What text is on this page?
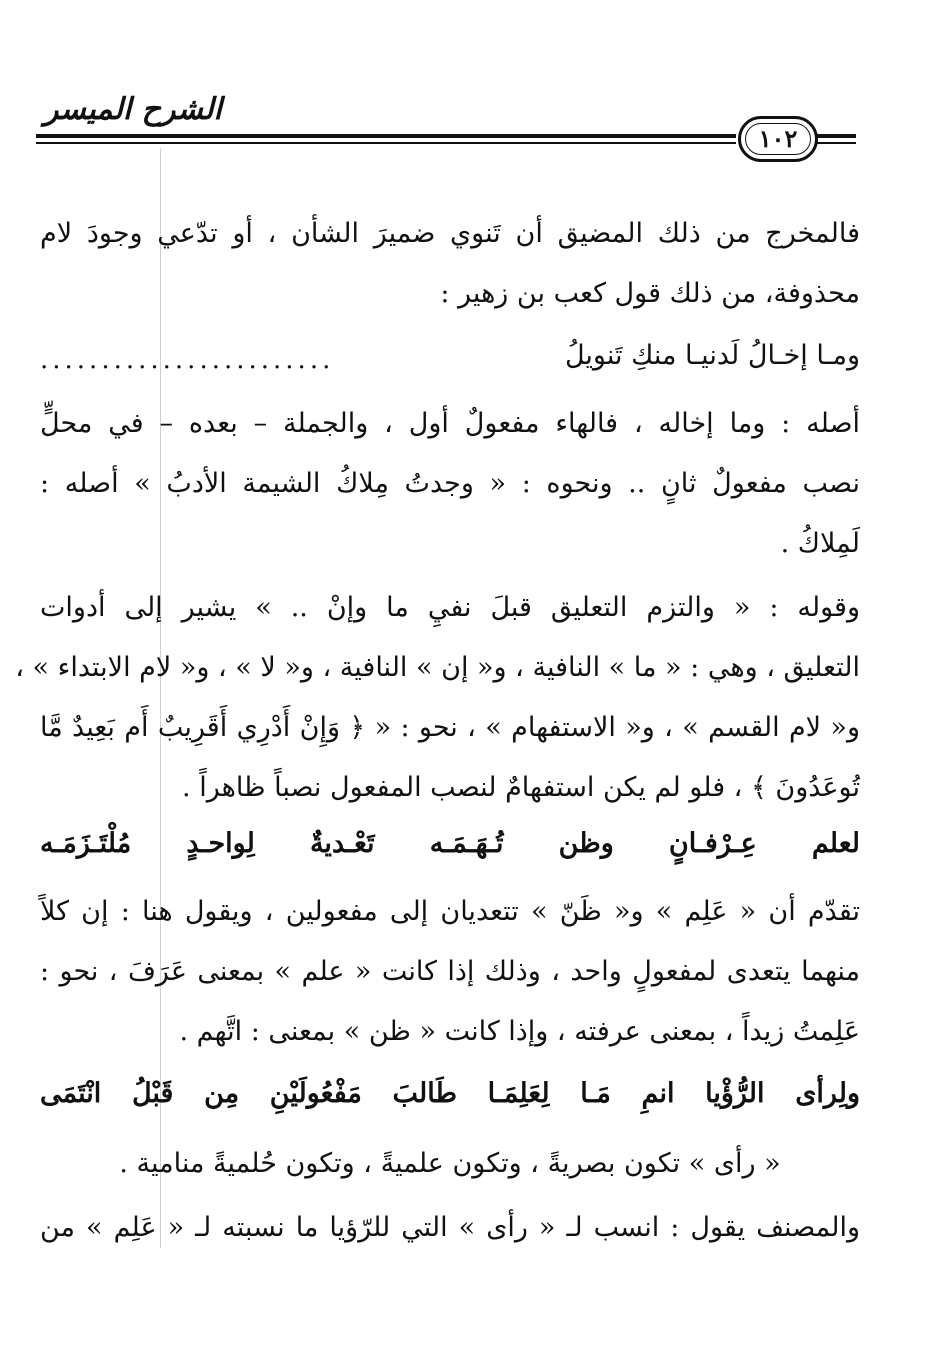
الشرح الميسر
١٠٢
فالمخرج من ذلك المضيق أن تَنوي ضميرَ الشأن ، أو تدّعي وجودَ لام
محذوفة، من ذلك قول كعب بن زهير :
ومـا إخـالُ لَدنيـا منكِ تَنويلُ
........................
أصله : وما إخاله ، فالهاء مفعولٌ أول ، والجملة – بعده – في محلٍّ
نصب مفعولٌ ثانٍ .. ونحوه : « وجدتُ مِلاكُ الشيمة الأدبُ » أصله :
لَمِلاكُ .
وقوله : « والتزم التعليق قبلَ نفيِ ما وإنْ .. » يشير إلى أدوات
التعليق ، وهي : « ما » النافية ، و« إن » النافية ، و« لا » ، و« لام الابتداء » ،
و« لام القسم » ، و« الاستفهام » ، نحو : « ﴿ وَإِنْ أَدْرِي أَقَرِيبٌ أَم بَعِيدٌ مَّا
تُوعَدُونَ ﴾ ، فلو لم يكن استفهامٌ لنصب المفعول نصباً ظاهراً .
لعلم عِـرْفـانٍ وظن تُـهَـمَـه تَعْـديةٌ لِواحـدٍ مُلْتَـزَمَـه
تقدّم أن « عَلِم » و« ظَنّ » تتعديان إلى مفعولين ، ويقول هنا : إن كلاً
منهما يتعدى لمفعولٍ واحد ، وذلك إذا كانت « علم » بمعنى عَرَفَ ، نحو :
عَلِمتُ زيداً ، بمعنى عرفته ، وإذا كانت « ظن » بمعنى : اتَّهم .
ولِرأى الرُّؤْيا انمِ مَـا لِعَلِمَـا طَالبَ مَفْعُولَيْنِ مِن قَبْلُ انْتَمَى
« رأى » تكون بصريةً ، وتكون علميةً ، وتكون حُلميةً منامية .
والمصنف يقول : انسب لـ « رأى » التي للرّؤيا ما نسبته لـ « عَلِم » من
